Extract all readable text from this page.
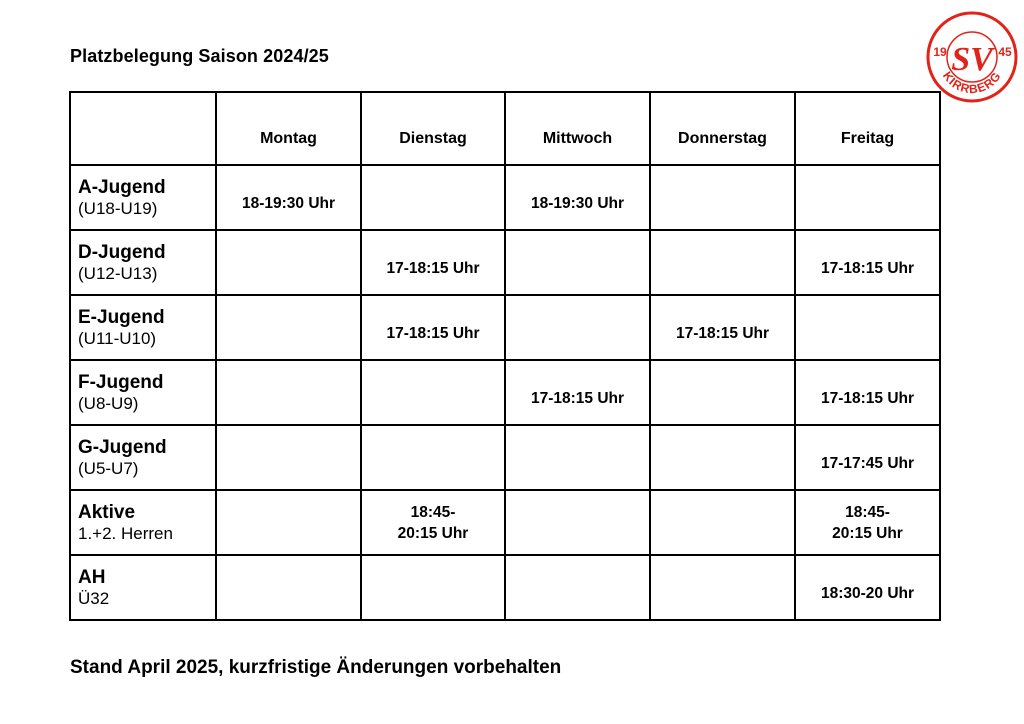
Platzbelegung Saison 2024/25	SV
19	45
KIRRBERG
	Montag	Dienstag	Mittwoch	Donnerstag	Freitag

A-Jugend
(U18-U19)	18-19:30 Uhr		18-19:30 Uhr		

D-Jugend
(U12-U13)		17-18:15 Uhr			17-18:15 Uhr

E-Jugend
(U11-U10)		17-18:15 Uhr		17-18:15 Uhr	

F-Jugend
(U8-U9)			17-18:15 Uhr		17-18:15 Uhr

G-Jugend
(U5-U7)					17-17:45 Uhr

Aktive
1.+2. Herren		18:45-
20:15 Uhr			18:45-
20:15 Uhr

AH
Ü32					18:30-20 Uhr
Stand April 2025, kurzfristige Änderungen vorbehalten
